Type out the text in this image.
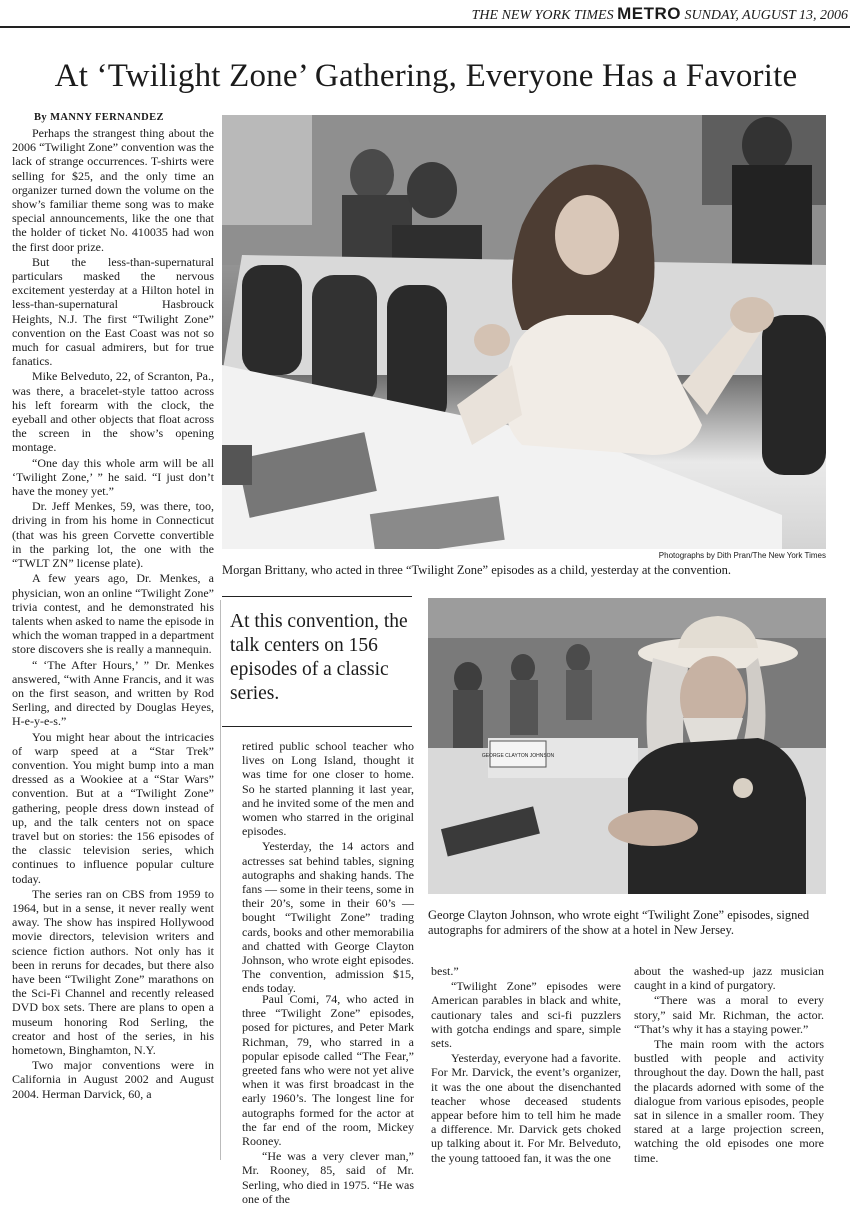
THE NEW YORK TIMES METRO SUNDAY, AUGUST 13, 2006
At ‘Twilight Zone’ Gathering, Everyone Has a Favorite
By MANNY FERNANDEZ

Perhaps the strangest thing about the 2006 “Twilight Zone” convention was the lack of strange occurrences. T-shirts were selling for $25, and the only time an organizer turned down the volume on the show’s familiar theme song was to make special announcements, like the one that the holder of ticket No. 410035 had won the first door prize.

But the less-than-supernatural particulars masked the nervous excitement yesterday at a Hilton hotel in less-than-supernatural Hasbrouck Heights, N.J. The first “Twilight Zone” convention on the East Coast was not so much for casual admirers, but for true fanatics.

Mike Belveduto, 22, of Scranton, Pa., was there, a bracelet-style tattoo across his left forearm with the clock, the eyeball and other objects that float across the screen in the show’s opening montage.

“One day this whole arm will be all ‘Twilight Zone,’ ” he said. “I just don’t have the money yet.”

Dr. Jeff Menkes, 59, was there, too, driving in from his home in Connecticut (that was his green Corvette convertible in the parking lot, the one with the “TWLT ZN” license plate).

A few years ago, Dr. Menkes, a physician, won an online “Twilight Zone” trivia contest, and he demonstrated his talents when asked to name the episode in which the woman trapped in a department store discovers she is really a mannequin.

“ ‘The After Hours,’ ” Dr. Menkes answered, “with Anne Francis, and it was on the first season, and written by Rod Serling, and directed by Douglas Heyes, H-e-y-e-s.”

You might hear about the intricacies of warp speed at a “Star Trek” convention. You might bump into a man dressed as a Wookiee at a “Star Wars” convention. But at a “Twilight Zone” gathering, people dress down instead of up, and the talk centers not on space travel but on stories: the 156 episodes of the classic television series, which continues to influence popular culture today.

The series ran on CBS from 1959 to 1964, but in a sense, it never really went away. The show has inspired Hollywood movie directors, television writers and science fiction authors. Not only has it been in reruns for decades, but there also have been “Twilight Zone” marathons on the Sci-Fi Channel and recently released DVD box sets. There are plans to open a museum honoring Rod Serling, the creator and host of the series, in his hometown, Binghamton, N.Y.

Two major conventions were in California in August 2002 and August 2004. Herman Darvick, 60, a

Photographs by Dith Pran/The New York Times
Morgan Brittany, who acted in three “Twilight Zone” episodes as a child, yesterday at the convention.
At this convention, the talk centers on 156 episodes of a classic series.

retired public school teacher who lives on Long Island, thought it was time for one closer to home. So he started planning it last year, and he invited some of the men and women who starred in the original episodes.

Yesterday, the 14 actors and actresses sat behind tables, signing autographs and shaking hands. The fans — some in their teens, some in their 20’s, some in their 60’s — bought “Twilight Zone” trading cards, books and other memorabilia and chatted with George Clayton Johnson, who wrote eight episodes. The convention, admission $15, ends today.

Paul Comi, 74, who acted in three “Twilight Zone” episodes, posed for pictures, and Peter Mark Richman, 79, who starred in a popular episode called “The Fear,” greeted fans who were not yet alive when it was first broadcast in the early 1960’s. The longest line for autographs formed for the actor at the far end of the room, Mickey Rooney.

“He was a very clever man,” Mr. Rooney, 85, said of Mr. Serling, who died in 1975. “He was one of the

GEORGE CLAYTON JOHNSON
George Clayton Johnson, who wrote eight “Twilight Zone” episodes, signed autographs for admirers of the show at a hotel in New Jersey.

best.”

“Twilight Zone” episodes were American parables in black and white, cautionary tales and sci-fi puzzlers with gotcha endings and spare, simple sets.

Yesterday, everyone had a favorite. For Mr. Darvick, the event’s organizer, it was the one about the disenchanted teacher whose deceased students appear before him to tell him he made a difference. Mr. Darvick gets choked up talking about it. For Mr. Belveduto, the young tattooed fan, it was the one

about the washed-up jazz musician caught in a kind of purgatory.

“There was a moral to every story,” said Mr. Richman, the actor. “That’s why it has a staying power.”

The main room with the actors bustled with people and activity throughout the day. Down the hall, past the placards adorned with some of the dialogue from various episodes, people sat in silence in a smaller room. They stared at a large projection screen, watching the old episodes one more time.
